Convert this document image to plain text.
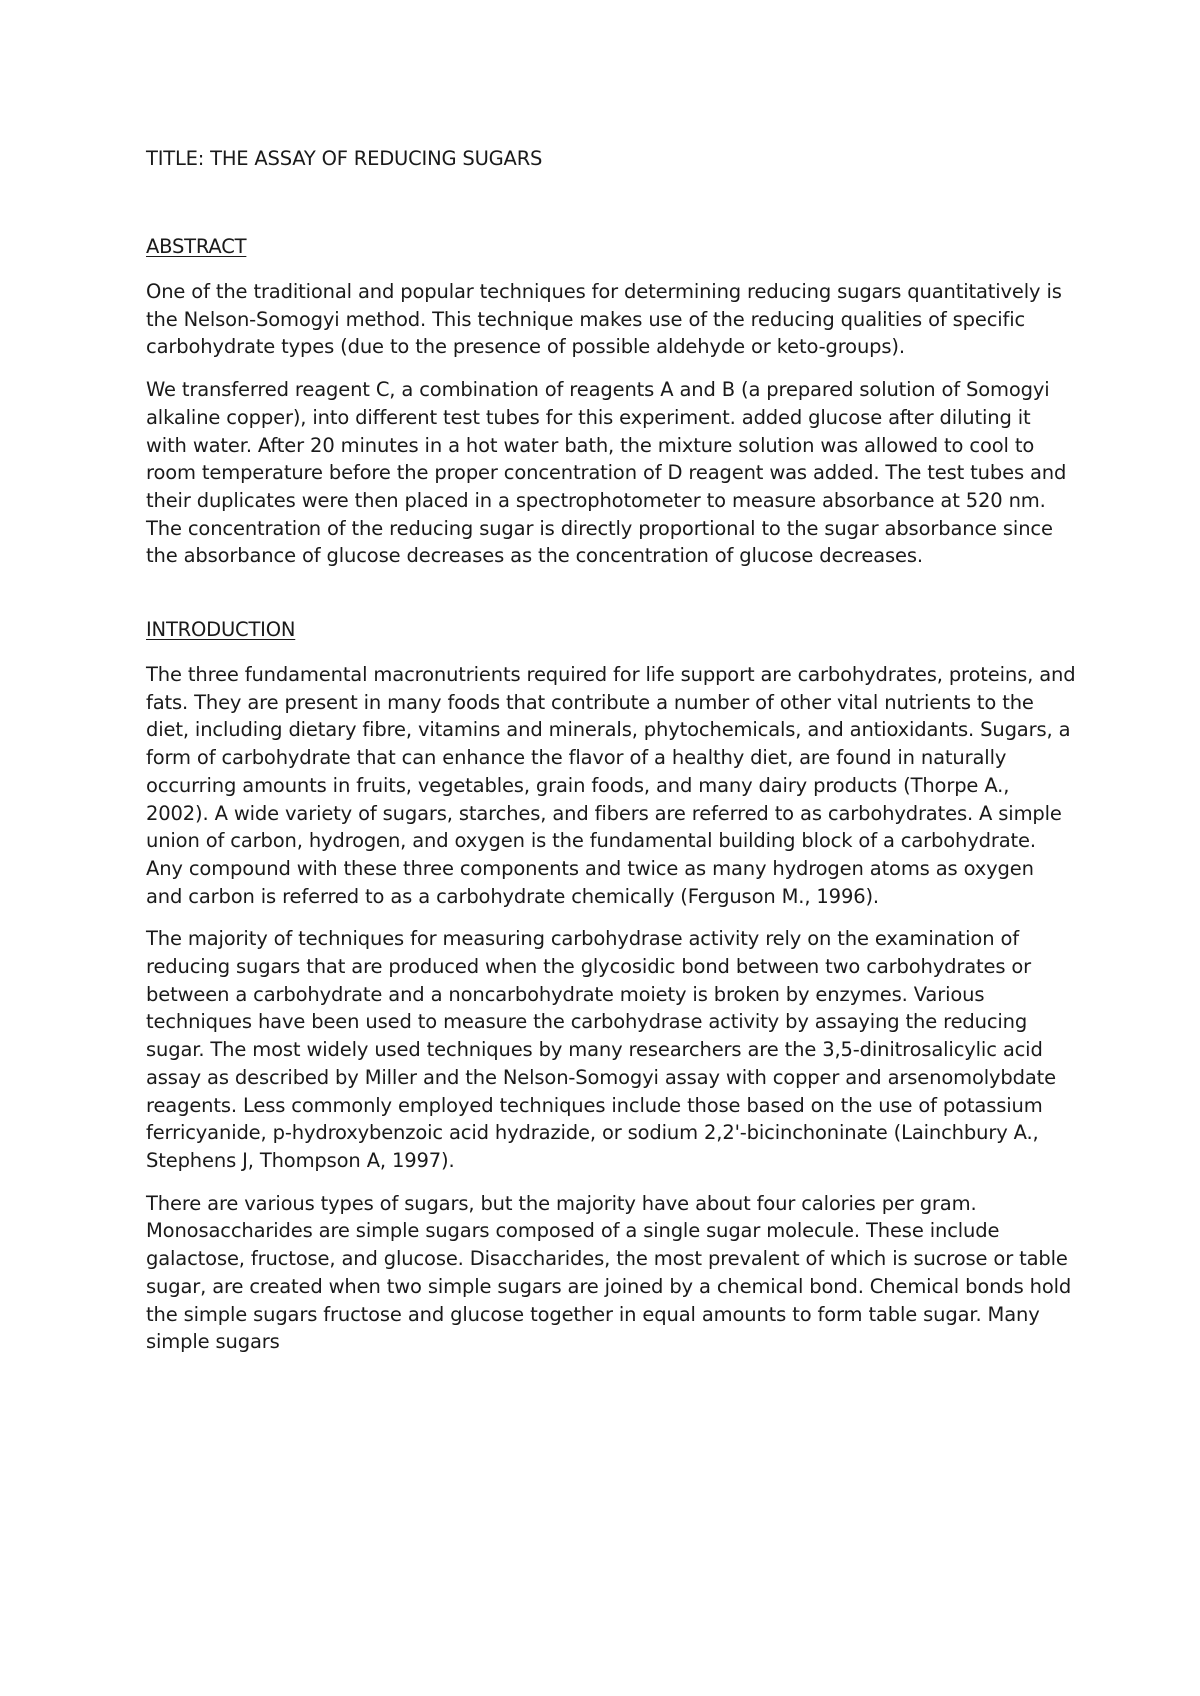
TITLE: THE ASSAY OF REDUCING SUGARS
ABSTRACT

One of the traditional and popular techniques for determining reducing sugars quantitatively is the Nelson-Somogyi method. This technique makes use of the reducing qualities of specific carbohydrate types (due to the presence of possible aldehyde or keto-groups).

We transferred reagent C, a combination of reagents A and B (a prepared solution of Somogyi alkaline copper), into different test tubes for this experiment. added glucose after diluting it with water. After 20 minutes in a hot water bath, the mixture solution was allowed to cool to room temperature before the proper concentration of D reagent was added. The test tubes and their duplicates were then placed in a spectrophotometer to measure absorbance at 520 nm. The concentration of the reducing sugar is directly proportional to the sugar absorbance since the absorbance of glucose decreases as the concentration of glucose decreases.

INTRODUCTION

The three fundamental macronutrients required for life support are carbohydrates, proteins, and fats. They are present in many foods that contribute a number of other vital nutrients to the diet, including dietary fibre, vitamins and minerals, phytochemicals, and antioxidants. Sugars, a form of carbohydrate that can enhance the flavor of a healthy diet, are found in naturally occurring amounts in fruits, vegetables, grain foods, and many dairy products (Thorpe A., 2002). A wide variety of sugars, starches, and fibers are referred to as carbohydrates. A simple union of carbon, hydrogen, and oxygen is the fundamental building block of a carbohydrate. Any compound with these three components and twice as many hydrogen atoms as oxygen and carbon is referred to as a carbohydrate chemically (Ferguson M., 1996).

The majority of techniques for measuring carbohydrase activity rely on the examination of reducing sugars that are produced when the glycosidic bond between two carbohydrates or between a carbohydrate and a noncarbohydrate moiety is broken by enzymes. Various techniques have been used to measure the carbohydrase activity by assaying the reducing sugar. The most widely used techniques by many researchers are the 3,5-dinitrosalicylic acid assay as described by Miller and the Nelson-Somogyi assay with copper and arsenomolybdate reagents. Less commonly employed techniques include those based on the use of potassium ferricyanide, p-hydroxybenzoic acid hydrazide, or sodium 2,2'-bicinchoninate (Lainchbury A., Stephens J, Thompson A, 1997).

There are various types of sugars, but the majority have about four calories per gram. Monosaccharides are simple sugars composed of a single sugar molecule. These include galactose, fructose, and glucose. Disaccharides, the most prevalent of which is sucrose or table sugar, are created when two simple sugars are joined by a chemical bond. Chemical bonds hold the simple sugars fructose and glucose together in equal amounts to form table sugar. Many simple sugars
